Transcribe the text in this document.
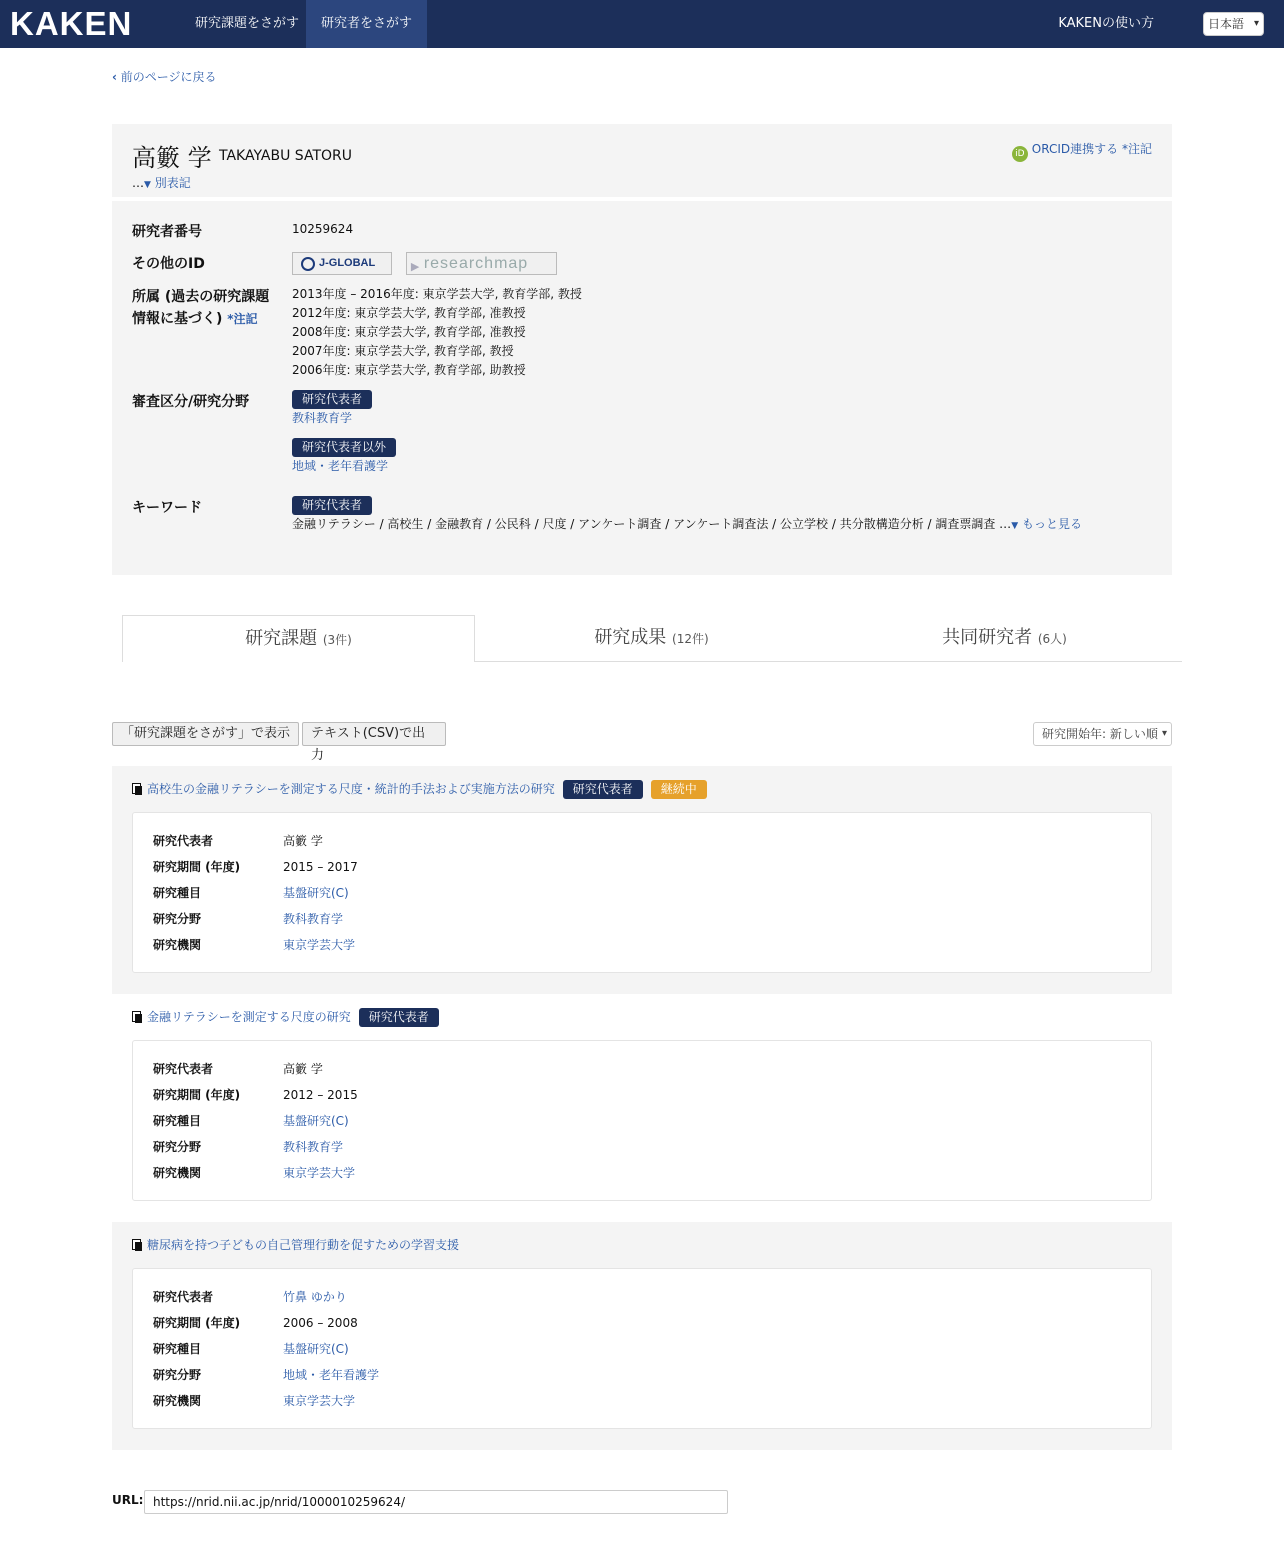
KAKEN	研究課題をさがす	研究者をさがす	KAKENの使い方	日本語 ▾
‹ 前のページに戻る
高籔 学 TAKAYABU SATORU
…▼ 別表記
iD ORCID連携する *注記
研究者番号	10259624
その他のID	J-GLOBAL
	▶ researchmap
所属 (過去の研究課題
情報に基づく) *注記
2013年度 – 2016年度: 東京学芸大学, 教育学部, 教授
2012年度: 東京学芸大学, 教育学部, 准教授
2008年度: 東京学芸大学, 教育学部, 准教授
2007年度: 東京学芸大学, 教育学部, 教授
2006年度: 東京学芸大学, 教育学部, 助教授
審査区分/研究分野	研究代表者
教科教育学
研究代表者以外
地域・老年看護学
キーワード	研究代表者
金融リテラシー / 高校生 / 金融教育 / 公民科 / 尺度 / アンケート調査 / アンケート調査法 / 公立学校 / 共分散構造分析 / 調査票調査 …▼ もっと見る
研究課題 (3件)	研究成果 (12件)	共同研究者 (6人)
「研究課題をさがす」で表示	テキスト(CSV)で出力
研究開始年: 新しい順 ▾
高校生の金融リテラシーを測定する尺度・統計的手法および実施方法の研究 研究代表者 継続中
研究代表者	高籔 学
研究期間 (年度)	2015 – 2017
研究種目	基盤研究(C)
研究分野	教科教育学
研究機関	東京学芸大学
金融リテラシーを測定する尺度の研究 研究代表者
研究代表者	高籔 学
研究期間 (年度)	2012 – 2015
研究種目	基盤研究(C)
研究分野	教科教育学
研究機関	東京学芸大学
糖尿病を持つ子どもの自己管理行動を促すための学習支援
研究代表者	竹鼻 ゆかり
研究期間 (年度)	2006 – 2008
研究種目	基盤研究(C)
研究分野	地域・老年看護学
研究機関	東京学芸大学
URL: https://nrid.nii.ac.jp/nrid/1000010259624/
